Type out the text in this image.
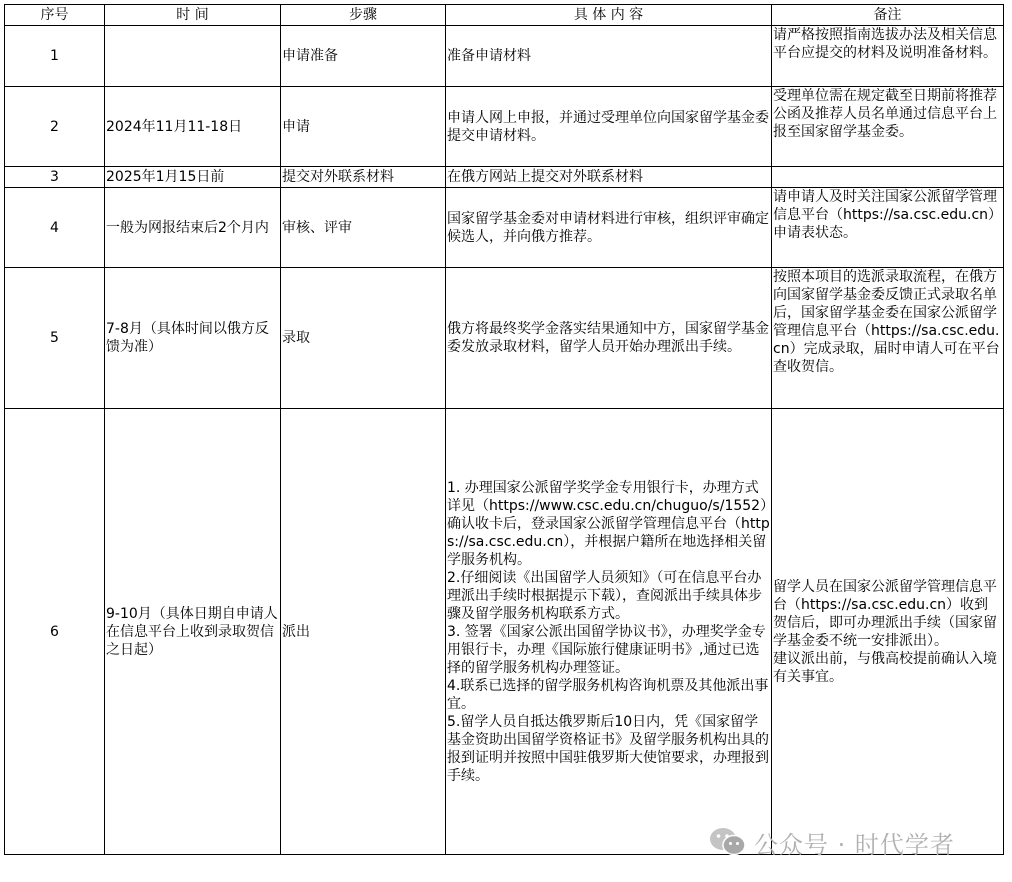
序号	时 间	步骤	具 体 内 容	备注
1		申请准备	准备申请材料	请严格按照指南选拔办法及相关信息平台应提交的材料及说明准备材料。
2	2024年11月11-18日	申请	申请人网上申报，并通过受理单位向国家留学基金委提交申请材料。	受理单位需在规定截至日期前将推荐公函及推荐人员名单通过信息平台上报至国家留学基金委。
3	2025年1月15日前	提交对外联系材料	在俄方网站上提交对外联系材料	
4	一般为网报结束后2个月内	审核、评审	国家留学基金委对申请材料进行审核，组织评审确定候选人，并向俄方推荐。	请申请人及时关注国家公派留学管理信息平台（https://sa.csc.edu.cn）申请表状态。
5	7-8月（具体时间以俄方反馈为准）	录取	俄方将最终奖学金落实结果通知中方，国家留学基金委发放录取材料，留学人员开始办理派出手续。	按照本项目的选派录取流程，在俄方向国家留学基金委反馈正式录取名单后，国家留学基金委在国家公派留学管理信息平台（https://sa.csc.edu.cn）完成录取，届时申请人可在平台查收贺信。
6	9-10月（具体日期自申请人在信息平台上收到录取贺信之日起）	派出	1. 办理国家公派留学奖学金专用银行卡，办理方式详见（https://www.csc.edu.cn/chuguo/s/1552）确认收卡后，登录国家公派留学管理信息平台（https://sa.csc.edu.cn），并根据户籍所在地选择相关留学服务机构。
2.仔细阅读《出国留学人员须知》（可在信息平台办理派出手续时根据提示下载），查阅派出手续具体步骤及留学服务机构联系方式。
3. 签署《国家公派出国留学协议书》，办理奖学金专用银行卡，办理《国际旅行健康证明书》,通过已选择的留学服务机构办理签证。
4.联系已选择的留学服务机构咨询机票及其他派出事宜。
5.留学人员自抵达俄罗斯后10日内，凭《国家留学基金资助出国留学资格证书》及留学服务机构出具的报到证明并按照中国驻俄罗斯大使馆要求，办理报到手续。	留学人员在国家公派留学管理信息平台（https://sa.csc.edu.cn）收到贺信后，即可办理派出手续（国家留学基金委不统一安排派出）。
建议派出前，与俄高校提前确认入境有关事宜。
公众号 · 时代学者
